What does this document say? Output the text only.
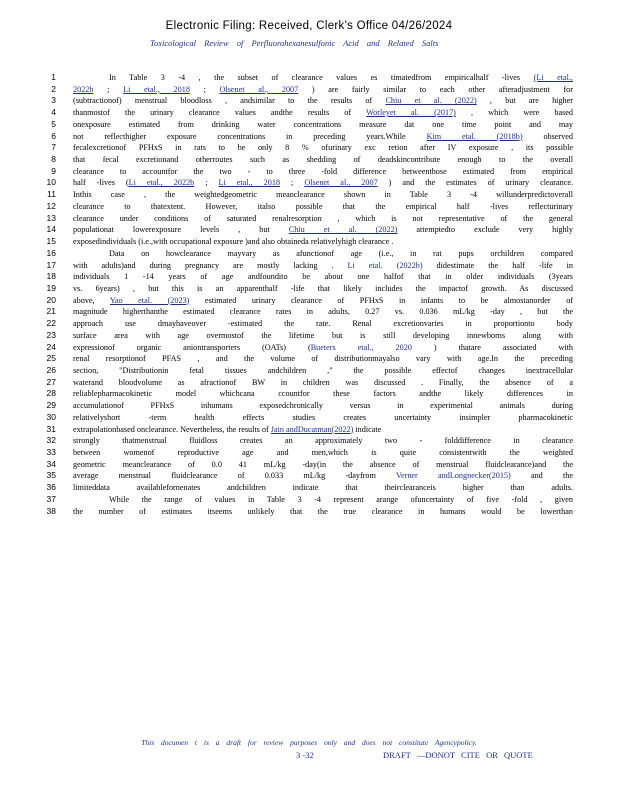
Electronic Filing: Received, Clerk's Office 04/26/2024
Toxicological Review of Perfluorohexanesulfonic Acid and Related Salts
1	In Table 3 -4 , the subset of clearance values es timatedfrom empiricalhalf -lives (Li etal.,
2 2022b ; Li etal., 2018 ; Olsenet al., 2007 ) are fairly similar to each other afteradjustment for
3 (subtractionof) menstrual bloodloss , andsimilar to the results of Chiu et al. (2022) , but are higher
4 thanmostof the urinary clearance values andthe results of Worleyet al. (2017) , which were based
5 onexposure estimated from drinking water concentrations measure dat one time point and may
6 not reflecthigher exposure concentrations in preceding years.While Kim etal. (2018b) observed
7 fecalexcretionof PFHxS in rats to be only 8 % ofurinary exc retion after IV exposure , its possible
8 that fecal excretionand otherroutes such as shedding of deadskincontribute enough to the overall
9 clearance to accountfor the two - to three -fold difference betweenthose estimated from empirical
10 half -lives (Li etal., 2022b ; Li etal., 2018 ; Olsenet al., 2007 ) and the estimates of urinary clearance.
11 Inthis case , the weightedgeometric meanclearance shown in Table 3 -4 willunderpredictoverall
12 clearance to thatextent. However, italso possible that the empirical half -lives reflecturinary
13 clearance under conditions of saturated renalresorption , which is not representative of the general
14 populationat lowerexposure levels , but Chiu et al. (2022) attemptedto exclude very highly
15 exposedindividuals (i.e.,with occupational exposure )and also obtaineda relativelyhigh clearance .
16	Data on howclearance mayvary as afunctionof age (i.e., in rat pups orchildren compared
17 with adults)and during pregnancy are mostly lacking . Li etal. (2022b) didestimate the half -life in
18 individuals 1 -14 years of age andfoundito be about one halfof that in older individuals (3years
19 vs. 6years) , but this is an apparenthalf -life that likely includes the impactof growth. As discussed
20 above, Yao etal. (2023) estimated urinary clearance of PFHxS in infants to be almostanorder of
21 magnitude higherthanthe estimated clearance rates in adults, 0.27 vs. 0.036 mL/kg -day , but the
22 approach use dmayhaveover -estimated the rate. Renal excretionvaries in proportionto body
23 surface area with age overmostof the lifetime but is still developing innewborns along with
24 expressionof organic aniontransporters (OATs) (Bueters etal., 2020 ) thatare associated with
25 renal resorptionof PFAS , and the volume of distributionmayalso vary with age.In the preceding
26 section, "Distributionin fetal tissues andchildren ," the possible effectof changes inextracellular
27 waterand bloodvolume as afractionof BW in children was discussed . Finally, the absence of a
28 reliablepharmacokinetic model whichcana ccountfor these factors andthe likely differences in
29 accumulationof PFHxS inhumans exposedchronically versus in experimental animals during
30 relativelyshort -term health effects studies creates uncertainty insimpler pharmacokinetic
31 extrapolationbased onclearance. Nevertheless, the results of Jain andDucatman(2022) indicate
32 strongly thatmenstrual fluidloss creates an approximately two - folddifference in clearance
33 between womenof reproductive age and men,which is quite consistentwith the weighted
34 geometric meanclearance of 0.0 41 mL/kg -day(in the absence of menstrual fluidclearance)and the
35 average menstrual fluidclearance of 0.033 mL/kg -dayfrom Verner andLongnecker(2015) and the
36 limiteddata availablefornenates andchildren indicate that theirclearanceis higher than adults.
37	While the range of values in Table 3 -4 represent arange ofuncertainty of five -fold , given
38 the number of estimates itseems unlikely that the true clearance in humans would be lowerthan
This documen t is a draft for review purposes only and does not constitute Agencypolicy.
3 -32	DRAFT —DONOT CITE OR QUOTE
